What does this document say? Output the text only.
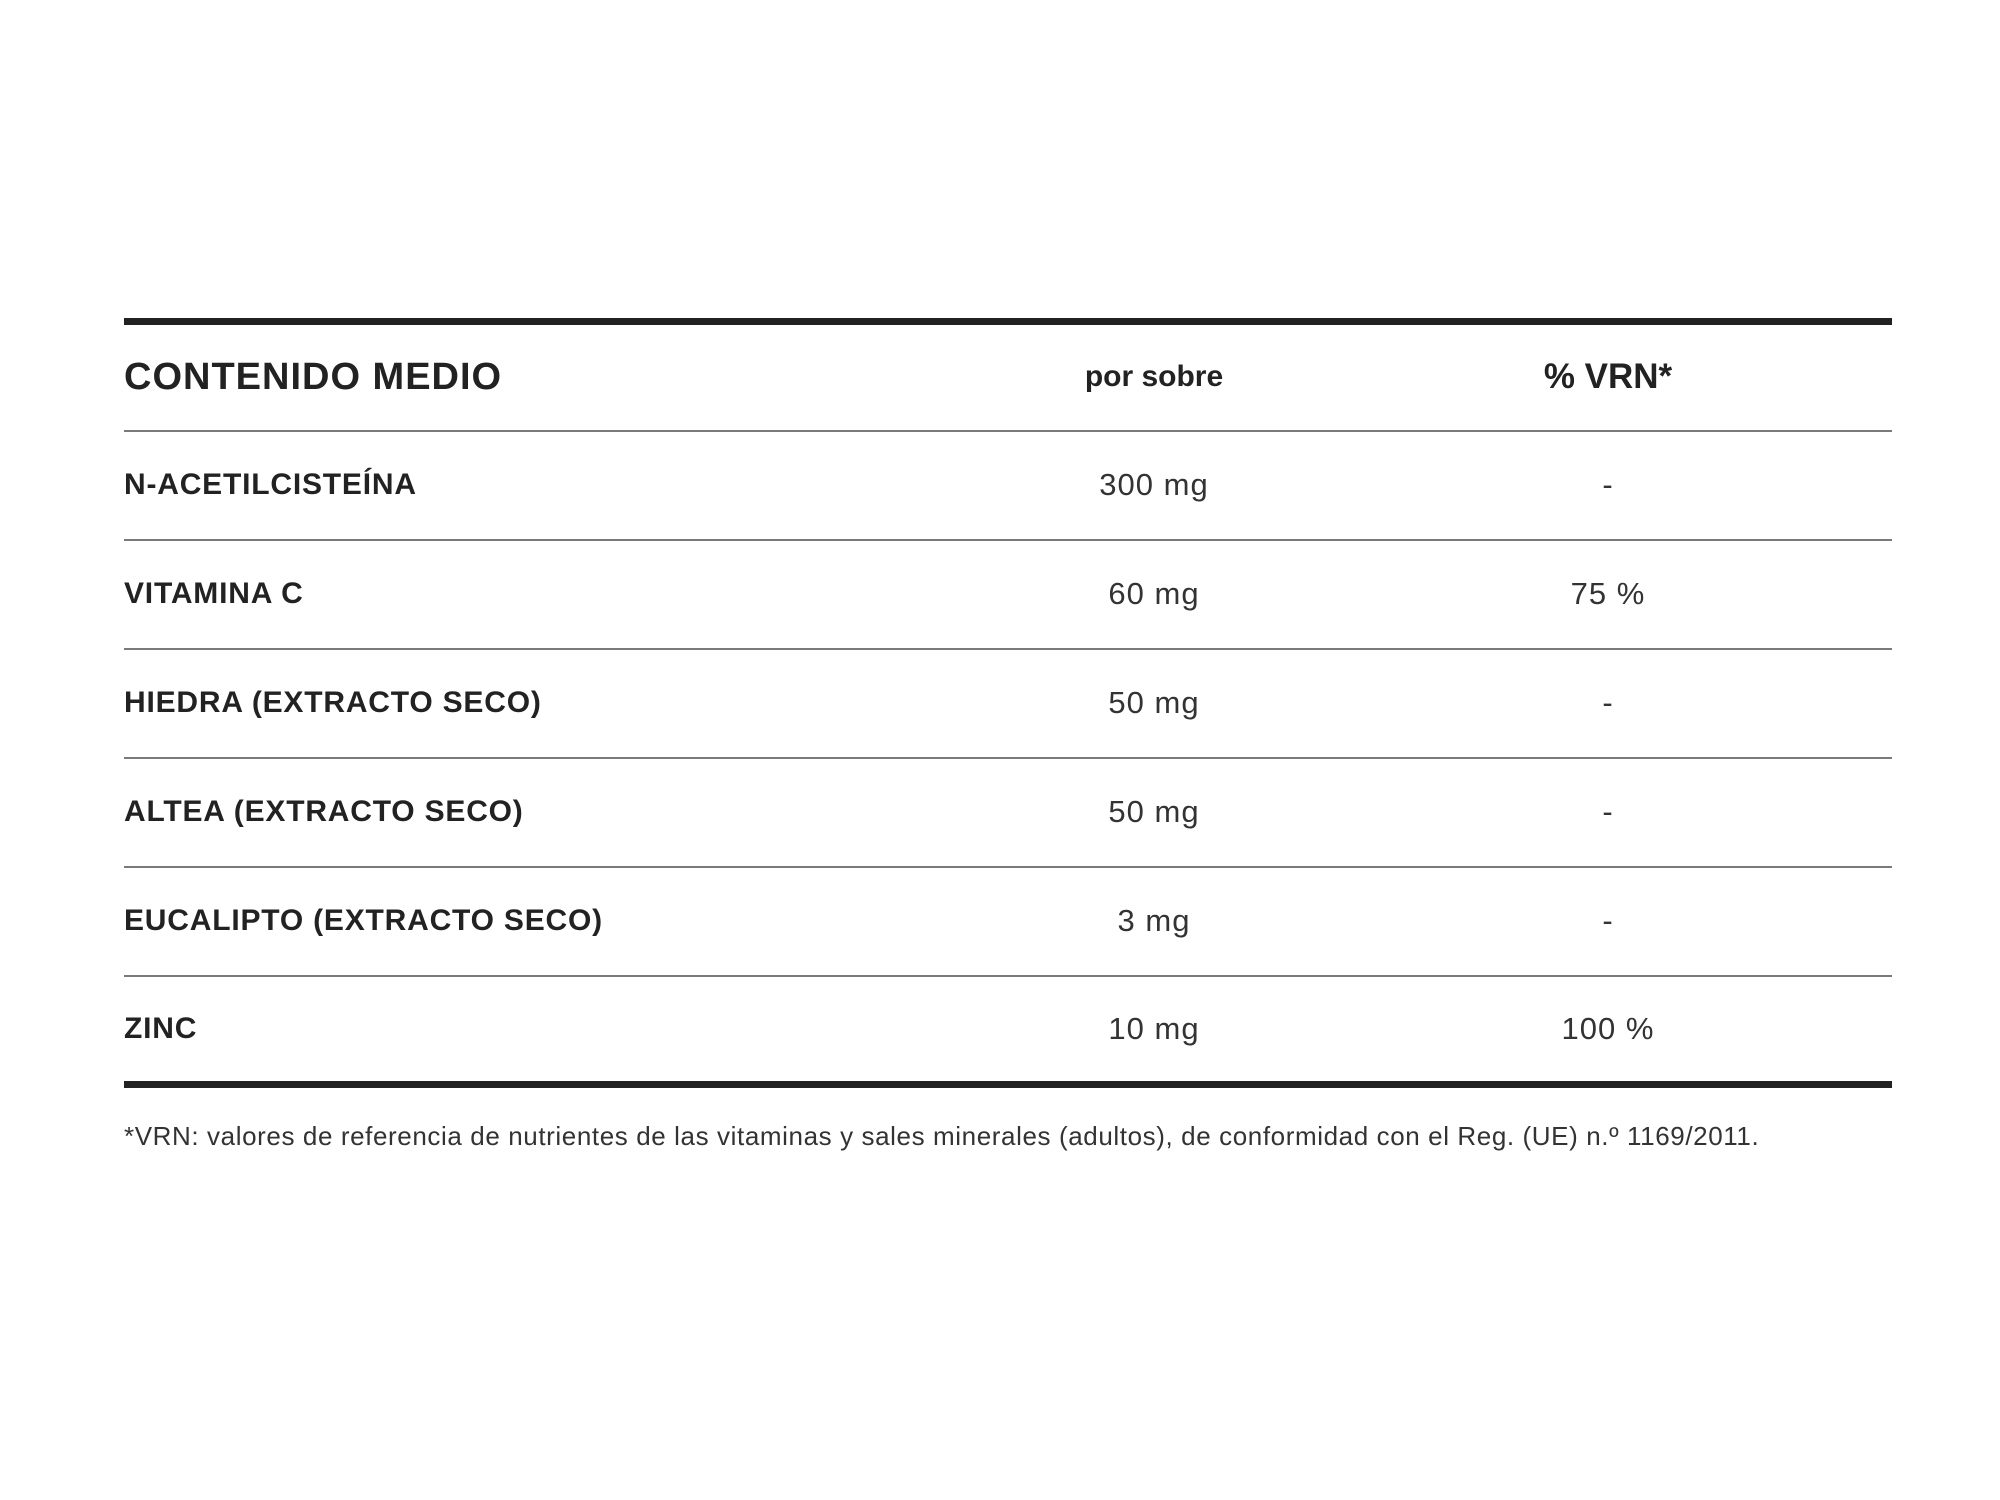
CONTENIDO MEDIO	por sobre	% VRN*
N-ACETILCISTEÍNA	300 mg	-
VITAMINA C	60 mg	75 %
HIEDRA (EXTRACTO SECO)	50 mg	-
ALTEA (EXTRACTO SECO)	50 mg	-
EUCALIPTO (EXTRACTO SECO)	3 mg	-
ZINC	10 mg	100 %

*VRN: valores de referencia de nutrientes de las vitaminas y sales minerales (adultos), de conformidad con el Reg. (UE) n.º 1169/2011.
